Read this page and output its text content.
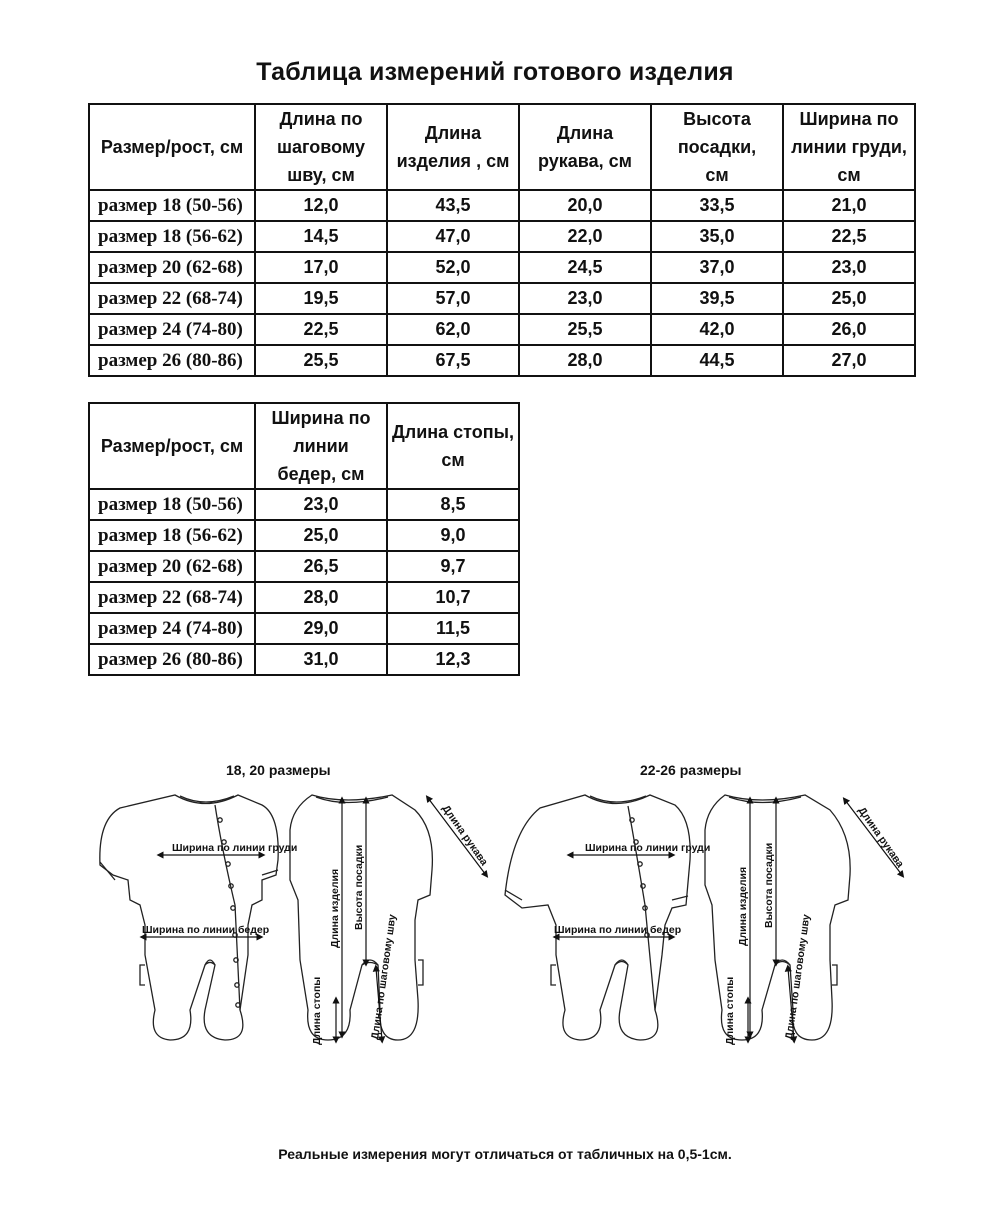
Таблица измерений готового изделия
Размер/рост, см	Длина по шаговому шву, см	Длина изделия , см	Длина рукава, см	Высота посадки, см	Ширина по линии груди, см

размер 18 (50-56)	12,0	43,5	20,0	33,5	21,0
размер 18 (56-62)	14,5	47,0	22,0	35,0	22,5
размер 20 (62-68)	17,0	52,0	24,5	37,0	23,0
размер 22 (68-74)	19,5	57,0	23,0	39,5	25,0
размер 24 (74-80)	22,5	62,0	25,5	42,0	26,0
размер 26 (80-86)	25,5	67,5	28,0	44,5	27,0
Размер/рост, см	Ширина по линии бедер, см	Длина стопы, см

размер 18 (50-56)	23,0	8,5
размер 18 (56-62)	25,0	9,0
размер 20 (62-68)	26,5	9,7
размер 22 (68-74)	28,0	10,7
размер 24 (74-80)	29,0	11,5
размер 26 (80-86)	31,0	12,3
18, 20 размеры	22-26 размеры
Ширина по линии груди
Ширина по линии бедер	Длина изделия Высота посадки
Длина рукава
Длина стопы	Длина по шаговому шву
Ширина по линии груди
Ширина по линии бедер	Длина изделия Высота посадки
Длина рукава
Длина стопы	Длина по шаговому шву
Реальные измерения могут отличаться от табличных на 0,5-1см.
